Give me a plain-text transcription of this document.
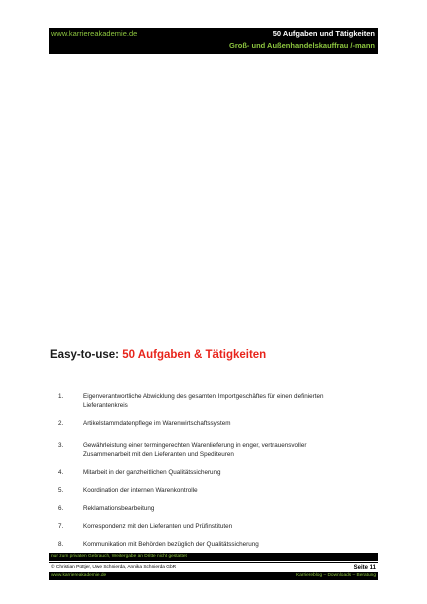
www.karriereakademie.de	50 Aufgaben und Tätigkeiten
Groß- und Außenhandelskauffrau /-mann
Easy-to-use: 50 Aufgaben & Tätigkeiten
1.	Eigenverantwortliche Abwicklung des gesamten Importgeschäftes für einen definierten
Lieferantenkreis
2.	Artikelstammdatenpflege im Warenwirtschaftssystem
3.	Gewährleistung einer termingerechten Warenlieferung in enger, vertrauensvoller
Zusammenarbeit mit den Lieferanten und Spediteuren
4.	Mitarbeit in der ganzheitlichen Qualitätssicherung
5.	Koordination der internen Warenkontrolle
6.	Reklamationsbearbeitung
7.	Korrespondenz mit den Lieferanten und Prüfinstituten
8.	Kommunikation mit Behörden bezüglich der Qualitätssicherung
nur zum privaten Gebrauch, Weitergabe an Dritte nicht gestattet
© Christian Püttjer, Uwe Schnierda, Annika Schnierda GbR	Seite 11
www.karriereakademie.de	Karriereblog – Downloads – Beratung
